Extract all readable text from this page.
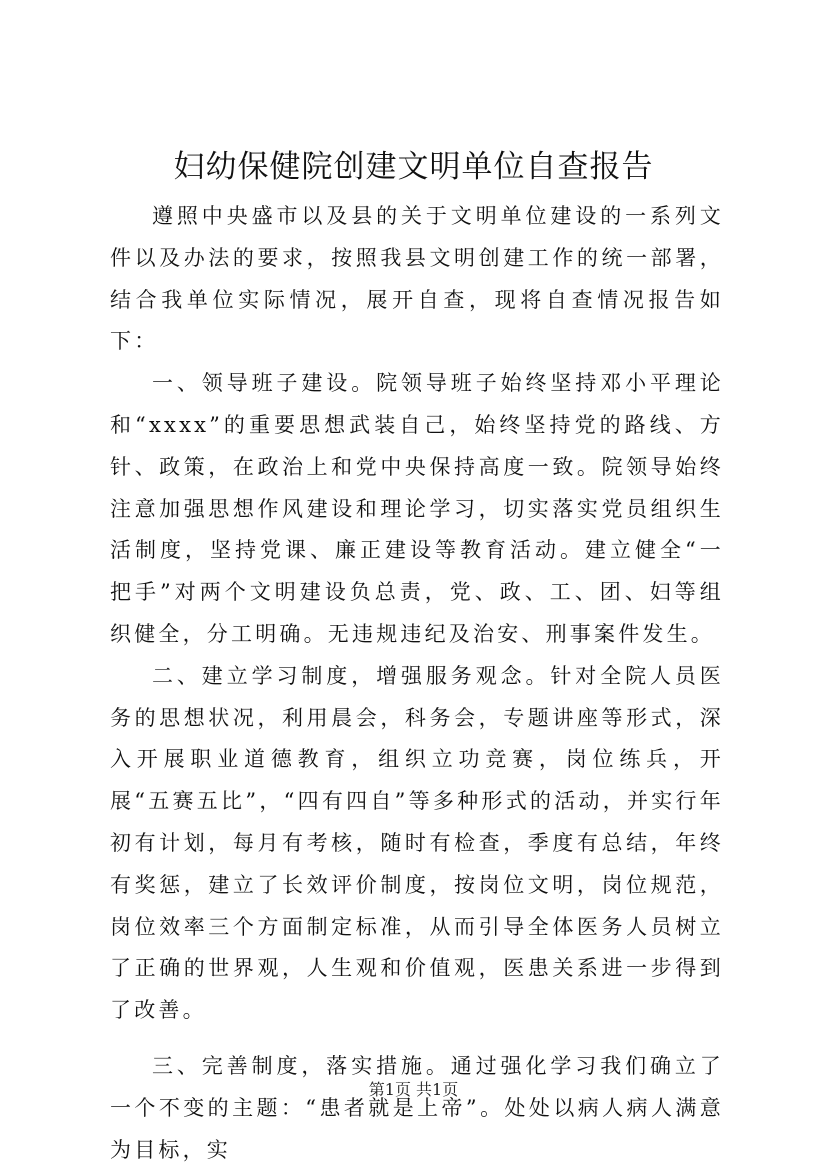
妇幼保健院创建文明单位自查报告

遵照中央盛市以及县的关于文明单位建设的一系列文件以及办法的要求，按照我县文明创建工作的统一部署，结合我单位实际情况，展开自查，现将自查情况报告如下：

一、领导班子建设。院领导班子始终坚持邓小平理论和“xxxx”的重要思想武装自己，始终坚持党的路线、方针、政策，在政治上和党中央保持高度一致。院领导始终注意加强思想作风建设和理论学习，切实落实党员组织生活制度，坚持党课、廉正建设等教育活动。建立健全“一把手”对两个文明建设负总责，党、政、工、团、妇等组织健全，分工明确。无违规违纪及治安、刑事案件发生。

二、建立学习制度，增强服务观念。针对全院人员医务的思想状况，利用晨会，科务会，专题讲座等形式，深入开展职业道德教育，组织立功竞赛，岗位练兵，开展“五赛五比”，“四有四自”等多种形式的活动，并实行年初有计划，每月有考核，随时有检查，季度有总结，年终有奖惩，建立了长效评价制度，按岗位文明，岗位规范，岗位效率三个方面制定标准，从而引导全体医务人员树立了正确的世界观，人生观和价值观，医患关系进一步得到了改善。

三、完善制度，落实措施。通过强化学习我们确立了一个不变的主题：“患者就是上帝”。处处以病人病人满意为目标，实

第1页 共1页
